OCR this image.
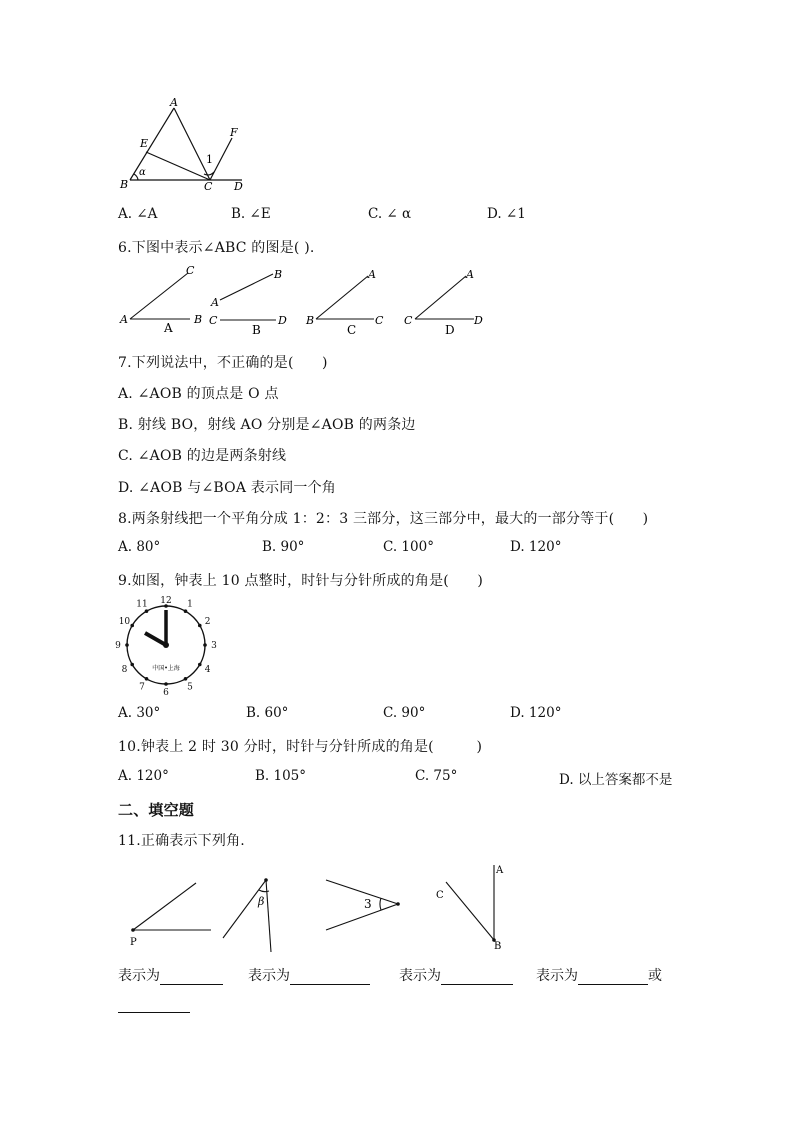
A
E
F
1
α
B	C D
A. ∠A	B. ∠E	C. ∠ α	D. ∠1
6.下图中表示∠ABC 的图是( ).
C
A	B
A
B
A
C	D
B
A
B	C
C
A
C	D
D
7.下列说法中，不正确的是(　　)
A. ∠AOB 的顶点是 O 点
B. 射线 BO，射线 AO 分别是∠AOB 的两条边
C. ∠AOB 的边是两条射线
D. ∠AOB 与∠BOA 表示同一个角
8.两条射线把一个平角分成 1：2：3 三部分，这三部分中，最大的一部分等于(　　)
A. 80°	B. 90°	C. 100°	D. 120°
9.如图，钟表上 10 点整时，时针与分针所成的角是(　　)
12 1
2
3
4
5
6
7
8
9
10
11
中国•上海
A. 30°	B. 60°	C. 90°	D. 120°
10.钟表上 2 时 30 分时，时针与分针所成的角是(　　　)
A. 120°	B. 105°	C. 75°	D. 以上答案都不是
二、填空题
11.正确表示下列角.
P
β	3
A
C
B
表示为	表示为	表示为	表示为	或
